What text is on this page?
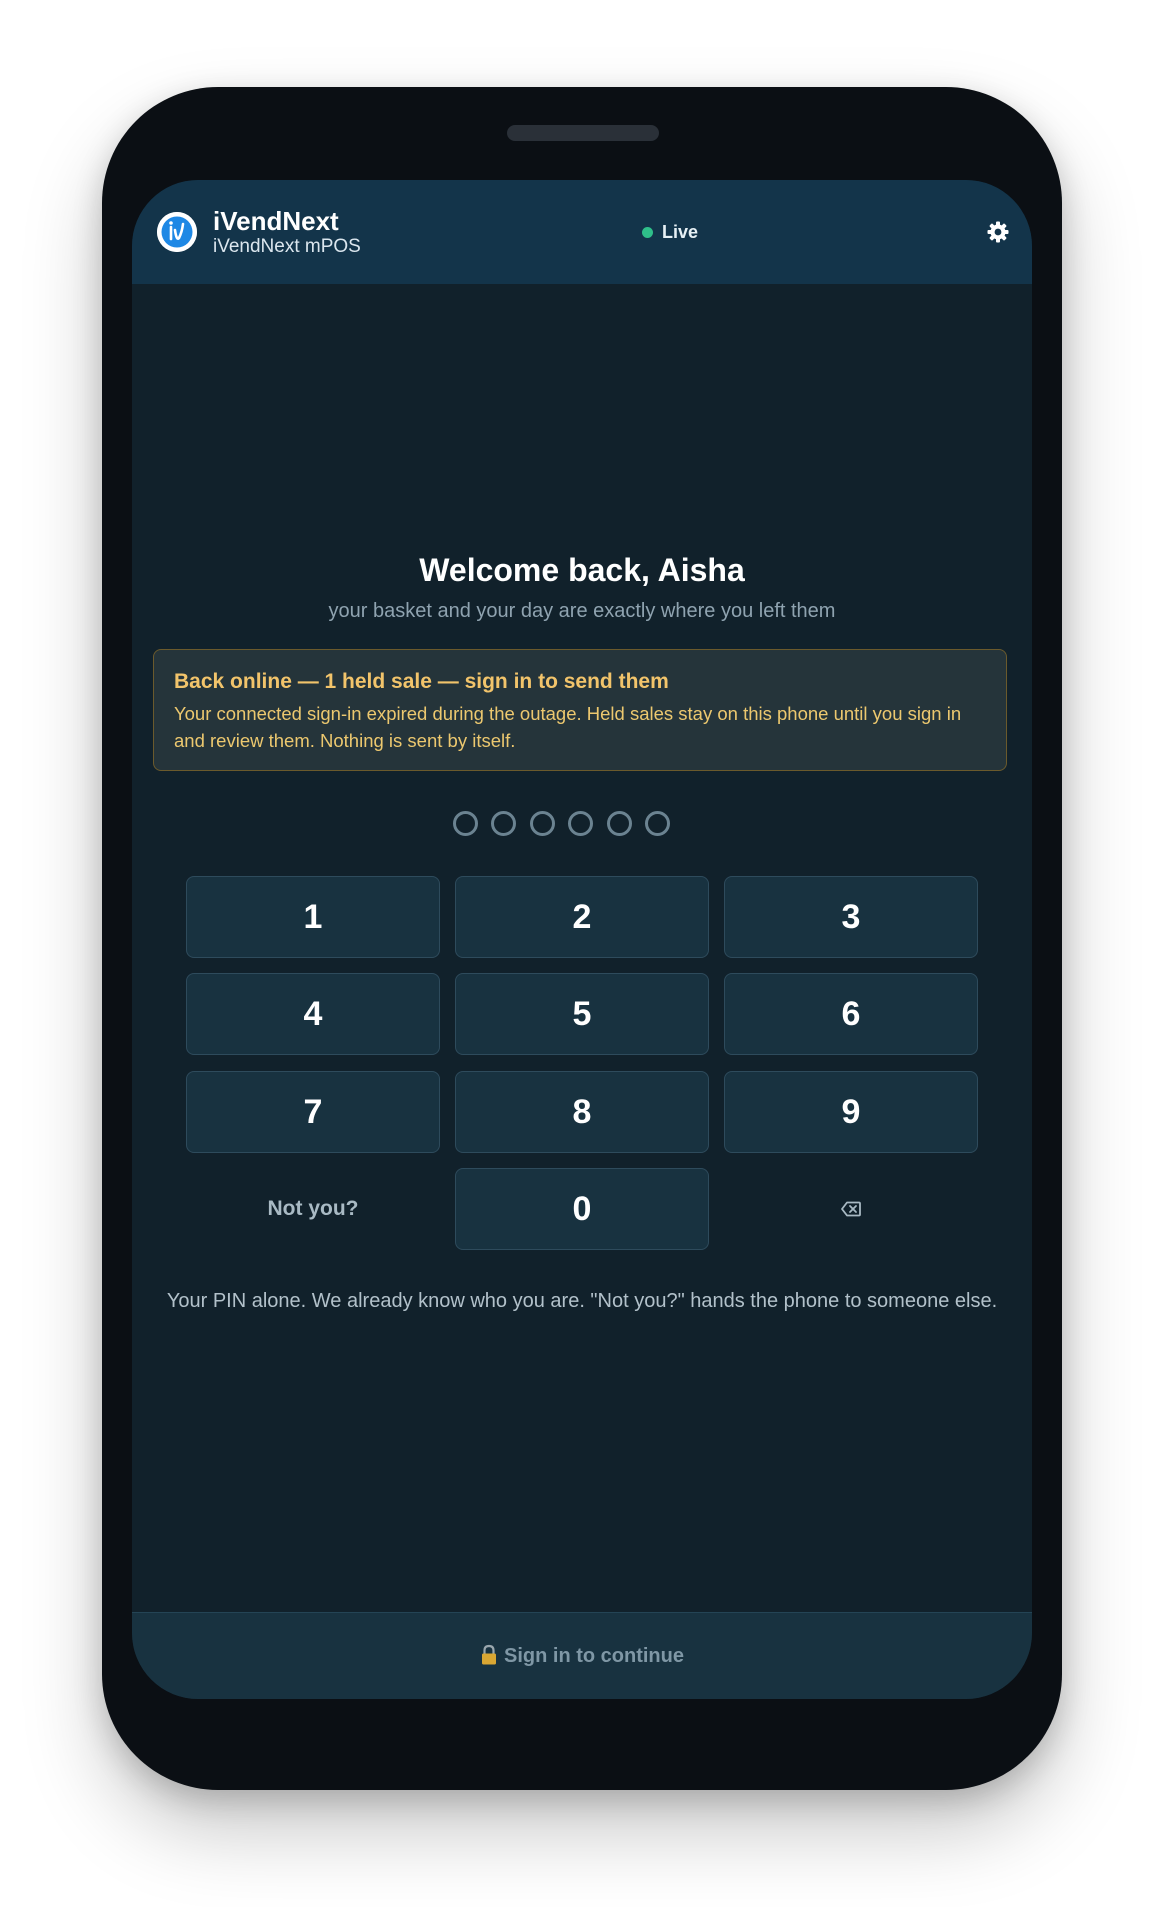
iVendNext
iVendNext mPOS
Live
Welcome back, Aisha
your basket and your day are exactly where you left them
Back online — 1 held sale — sign in to send them
Your connected sign-in expired during the outage. Held sales stay on this phone until you sign in and review them. Nothing is sent by itself.
1	2	3
4	5	6
7	8	9
Not you?	0
Your PIN alone. We already know who you are. "Not you?" hands the phone to someone else.
Sign in to continue
